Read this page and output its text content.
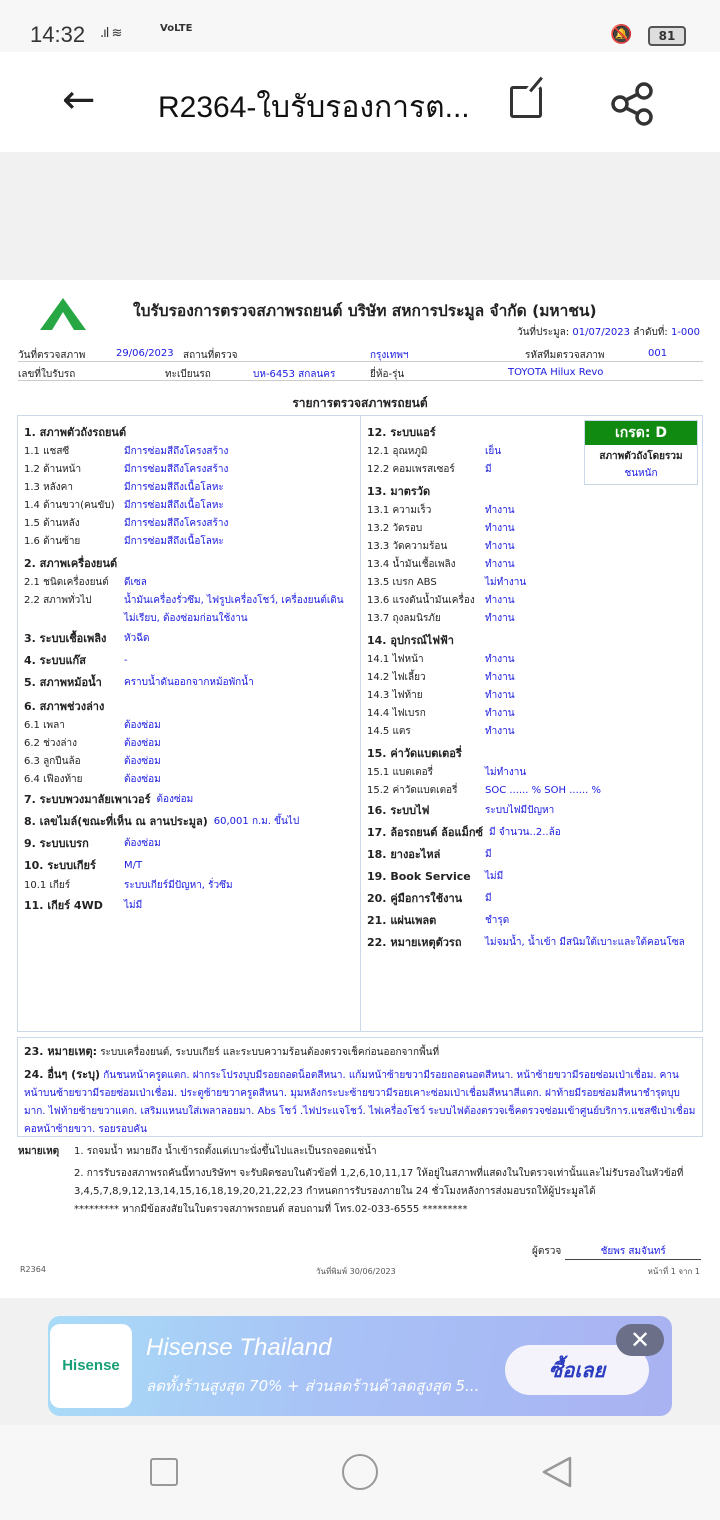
14:32 .ıl ≋	VoLTE	🔕	81
← R2364-ใบรับรองการต...
ใบรับรองการตรวจสภาพรถยนต์ บริษัท สหการประมูล จำกัด (มหาชน)
วันที่ประมูล: 01/07/2023 ลำดับที่: 1-000
วันที่ตรวจสภาพ	29/06/2023 สถานที่ตรวจ	กรุงเทพฯ	รหัสทีมตรวจสภาพ	001
เลขที่ใบรับรถ	ทะเบียนรถ	บห-6453 สกลนคร	ยี่ห้อ-รุ่น	TOYOTA Hilux Revo
รายการตรวจสภาพรถยนต์
1. สภาพตัวถังรถยนต์
1.1 แชสซี	มีการซ่อมสีถึงโครงสร้าง
1.2 ด้านหน้า	มีการซ่อมสีถึงโครงสร้าง
1.3 หลังคา	มีการซ่อมสีถึงเนื้อโลหะ
1.4 ด้านขวา(คนขับ) มีการซ่อมสีถึงเนื้อโลหะ
1.5 ด้านหลัง	มีการซ่อมสีถึงโครงสร้าง
1.6 ด้านซ้าย	มีการซ่อมสีถึงเนื้อโลหะ
2. สภาพเครื่องยนต์
2.1 ชนิดเครื่องยนต์	ดีเซล
2.2 สภาพทั่วไป	น้ำมันเครื่องรั่วซึม, ไฟรูปเครื่องโชว์, เครื่องยนต์เดินไม่เรียบ, ต้องซ่อมก่อนใช้งาน
3. ระบบเชื้อเพลิง	หัวฉีด
4. ระบบแก๊ส	-
5. สภาพหม้อน้ำ	คราบน้ำดันออกจากหม้อพักน้ำ
6. สภาพช่วงล่าง
6.1 เพลา	ต้องซ่อม
6.2 ช่วงล่าง	ต้องซ่อม
6.3 ลูกปืนล้อ	ต้องซ่อม
6.4 เฟืองท้าย	ต้องซ่อม
7. ระบบพวงมาลัยเพาเวอร์ ต้องซ่อม
8. เลขไมล์(ขณะที่เห็น ณ ลานประมูล) 60,001 ก.ม. ขึ้นไป
9. ระบบเบรก	ต้องซ่อม
10. ระบบเกียร์	M/T
10.1 เกียร์	ระบบเกียร์มีปัญหา, รั่วซึม
11. เกียร์ 4WD	ไม่มี
12. ระบบแอร์
12.1 อุณหภูมิ	เย็น
12.2 คอมเพรสเซอร์	มี
13. มาตรวัด
13.1 ความเร็ว	ทำงาน
13.2 วัดรอบ	ทำงาน
13.3 วัดความร้อน	ทำงาน
13.4 น้ำมันเชื้อเพลิง	ทำงาน
13.5 เบรก ABS	ไม่ทำงาน
13.6 แรงดันน้ำมันเครื่อง	ทำงาน
13.7 ถุงลมนิรภัย	ทำงาน
14. อุปกรณ์ไฟฟ้า
14.1 ไฟหน้า	ทำงาน
14.2 ไฟเลี้ยว	ทำงาน
14.3 ไฟท้าย	ทำงาน
14.4 ไฟเบรก	ทำงาน
14.5 แตร	ทำงาน
15. ค่าวัดแบตเตอรี่
15.1 แบตเตอรี่	ไม่ทำงาน
15.2 ค่าวัดแบตเตอรี่	SOC ...... % SOH ...... %
16. ระบบไฟ	ระบบไฟมีปัญหา
17. ล้อรถยนต์ ล้อแม็กซ์ มี จำนวน..2..ล้อ
18. ยางอะไหล่	มี
19. Book Service	ไม่มี
20. คู่มือการใช้งาน	มี
21. แผ่นเพลต	ชำรุด
22. หมายเหตุตัวรถ	ไม่จมน้ำ, น้ำเข้า มีสนิมใต้เบาะและใต้คอนโซล
เกรด: D
สภาพตัวถังโดยรวม
ชนหนัก
23. หมายเหตุ: ระบบเครื่องยนต์, ระบบเกียร์ และระบบความร้อนต้องตรวจเช็คก่อนออกจากพื้นที่
24. อื่นๆ (ระบุ) กันชนหน้าครูดแตก. ฝากระโปรงบุบมีรอยถอดน็อตสีหนา. แก้มหน้าซ้ายขวามีรอยถอดนอตสีหนา. หน้าซ้ายขวามีรอยซ่อมเป่าเชื่อม. คานหน้าบนซ้ายขวามีรอยซ่อมเป่าเชื่อม. ประตูซ้ายขวาครูดสีหนา. มุมหลังกระบะซ้ายขวามีรอยเคาะซ่อมเป่าเชื่อมสีหนาสีแตก. ฝาท้ายมีรอยซ่อมสีหนาชำรุดบุบมาก. ไฟท้ายซ้ายขวาแตก. เสริมแหนบใส่เพลาลอยมา. Abs โชว์ .ไฟประแจโชว์. ไฟเครื่องโชว์ ระบบไฟต้องตรวจเช็คตรวจซ่อมเข้าศูนย์บริการ.แชสซีเป่าเชื่อมคอหน้าซ้ายขวา. รอยรอบคัน
หมายเหตุ 1. รถจมน้ำ หมายถึง น้ำเข้ารถตั้งแต่เบาะนั่งขึ้นไปและเป็นรถจอดแช่น้ำ
2. การรับรองสภาพรถคันนี้ทางบริษัทฯ จะรับผิดชอบในตัวข้อที่ 1,2,6,10,11,17 ให้อยู่ในสภาพที่แสดงในใบตรวจเท่านั้นและไม่รับรองในหัวข้อที่ 3,4,5,7,8,9,12,13,14,15,16,18,19,20,21,22,23 กำหนดการรับรองภายใน 24 ชั่วโมงหลังการส่งมอบรถให้ผู้ประมูลได้
********* หากมีข้อสงสัยในใบตรวจสภาพรถยนต์ สอบถามที่ โทร.02-033-6555 *********
ผู้ตรวจ	ชัยพร สมจันทร์
R2364	วันที่พิมพ์ 30/06/2023	หน้าที่ 1 จาก 1
Hisense
Hisense Thailand
ลดทั้งร้านสูงสุด 70% + ส่วนลดร้านค้าลดสูงสุด 5...
ซื้อเลย
✕
